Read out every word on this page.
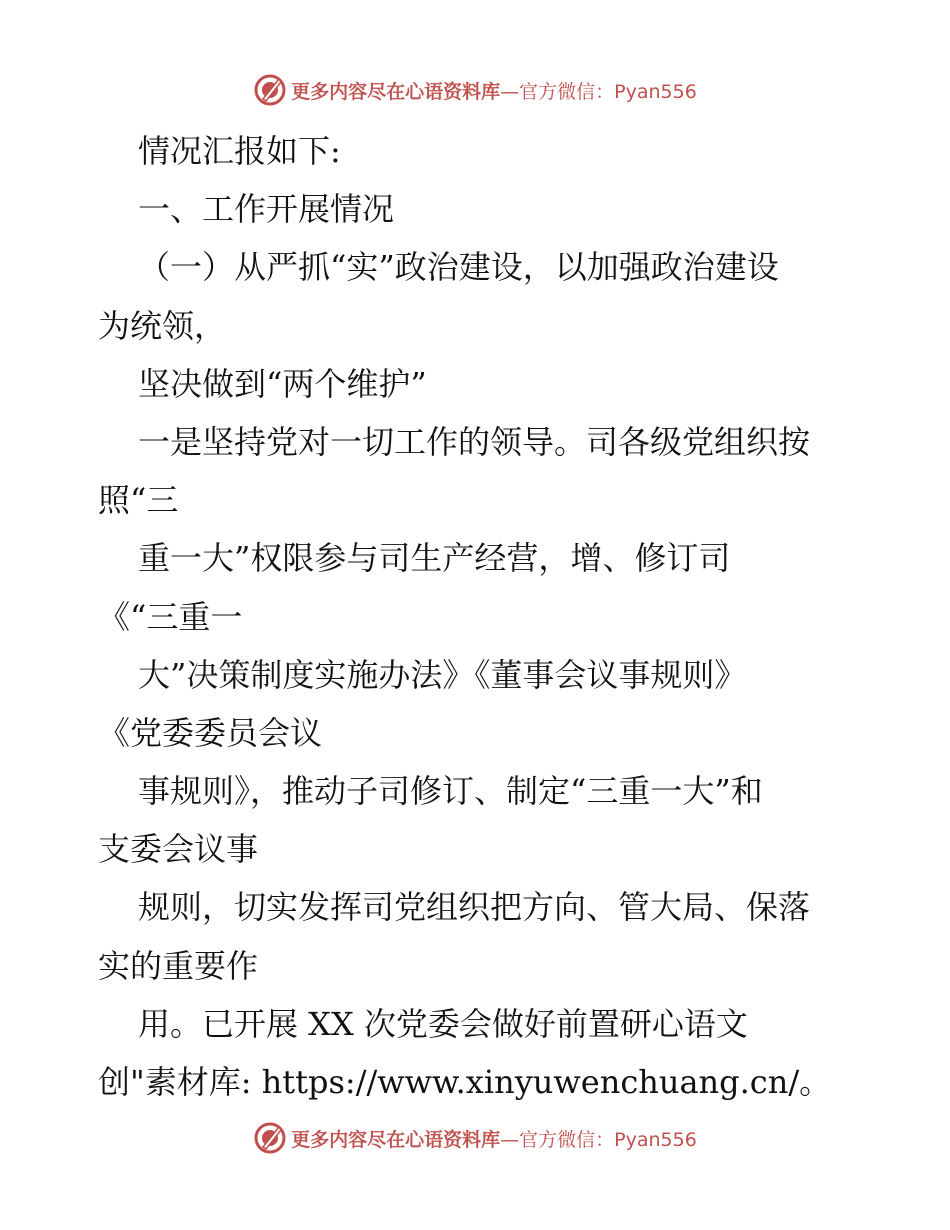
更多内容尽在心语资料库 —官方微信：Pyan556
情况汇报如下:
一、工作开展情况
（一）从严抓“实”政治建设，以加强政治建设
为统领，
坚决做到“两个维护”
一是坚持党对一切工作的领导。司各级党组织按
照“三
重一大”权限参与司生产经营，增、修订司
《“三重一
大”决策制度实施办法》《董事会议事规则》
《党委委员会议
事规则》，推动子司修订、制定“三重一大”和
支委会议事
规则，切实发挥司党组织把方向、管大局、保落
实的重要作
用。已开展 XX 次党委会做好前置研心语文
创"素材库: https://www.xinyuwenchuang.cn/。
更多内容尽在心语资料库 —官方微信：Pyan556
